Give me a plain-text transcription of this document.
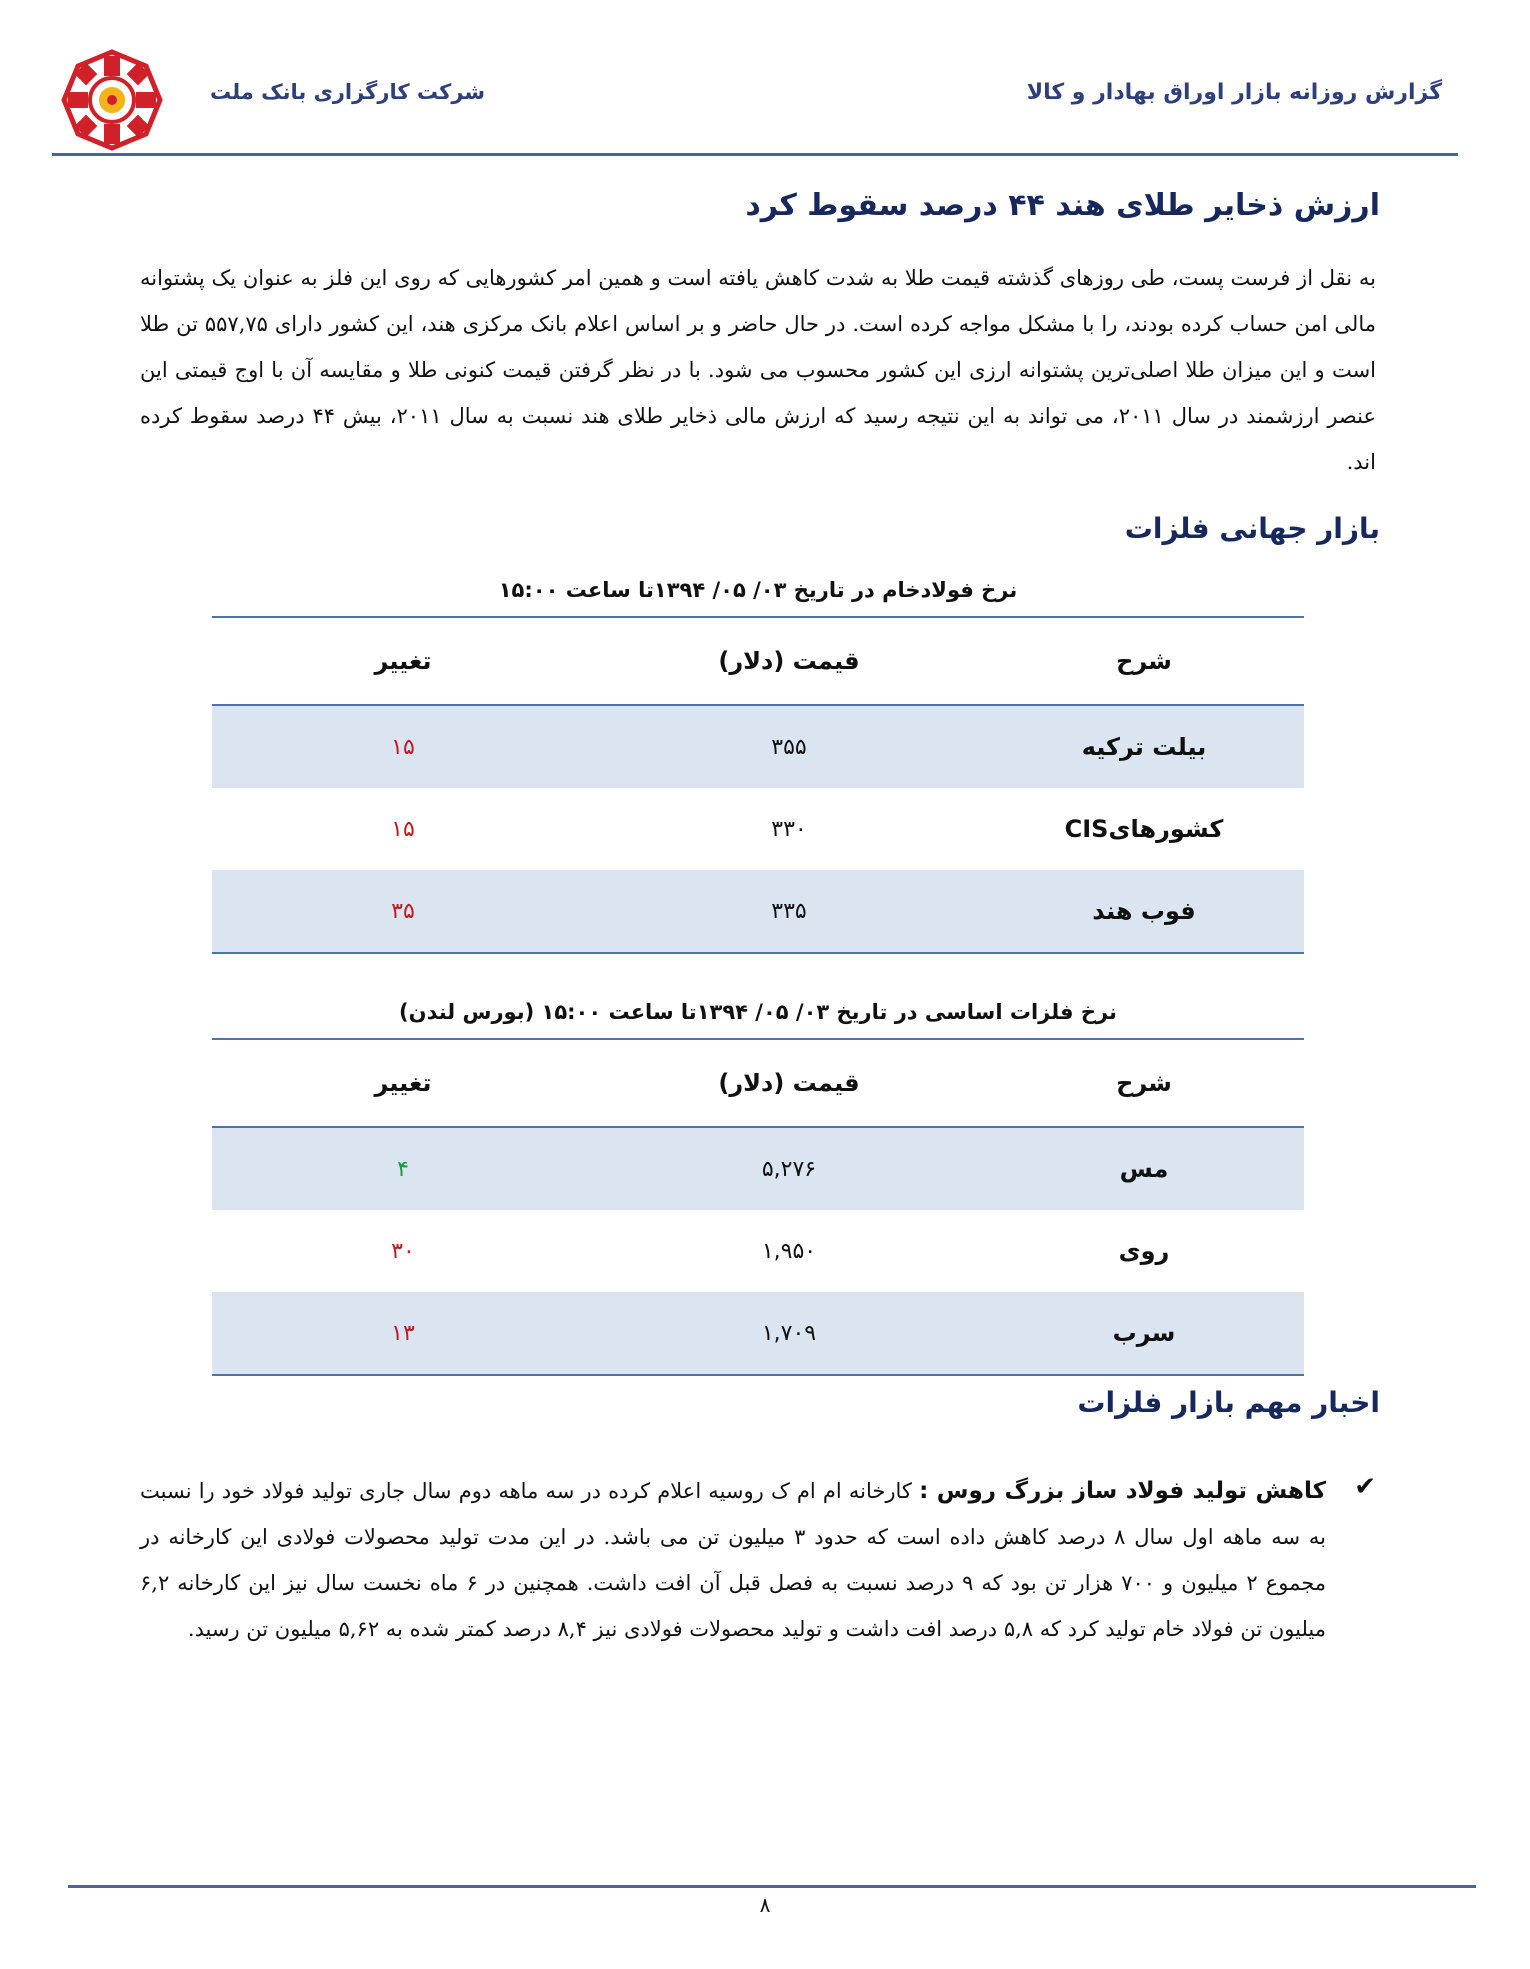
شرکت کارگزاری بانک ملت	گزارش روزانه بازار اوراق بهادار و کالا
ارزش ذخایر طلای هند ۴۴ درصد سقوط کرد
به نقل از فرست پست، طی روزهای گذشته قیمت طلا به شدت کاهش یافته است و همین امر کشورهایی که روی این فلز به عنوان یک پشتوانه مالی امن حساب کرده بودند، را با مشکل مواجه کرده است. در حال حاضر و بر اساس اعلام بانک مرکزی هند، این کشور دارای ۵۵۷,۷۵ تن طلا است و این میزان طلا اصلی‌ترین پشتوانه ارزی این کشور محسوب می شود. با در نظر گرفتن قیمت کنونی طلا و مقایسه آن با اوج قیمتی این عنصر ارزشمند در سال ۲۰۱۱، می تواند به این نتیجه رسید که ارزش مالی ذخایر طلای هند نسبت به سال ۲۰۱۱، بیش ۴۴ درصد سقوط کرده اند.
بازار جهانی فلزات
نرخ فولادخام در تاریخ ۰۳/ ۰۵/ ۱۳۹۴تا ساعت ۱۵:۰۰
شرح
قیمت (دلار)
تغییر
بیلت ترکیه
۳۵۵
۱۵
کشورهایCIS
۳۳۰
۱۵
فوب هند
۳۳۵
۳۵
نرخ فلزات اساسی در تاریخ ۰۳/ ۰۵/ ۱۳۹۴تا ساعت ۱۵:۰۰ (بورس لندن)
شرح
قیمت (دلار)
تغییر
مس
۵,۲۷۶
۴
روی
۱,۹۵۰
۳۰
سرب
۱,۷۰۹
۱۳
اخبار مهم بازار فلزات
✔
کاهش تولید فولاد ساز بزرگ روس : کارخانه ام ام ک روسیه اعلام کرده در سه ماهه دوم سال جاری تولید فولاد خود را نسبت به سه ماهه اول سال ۸ درصد کاهش داده است که حدود ۳ میلیون تن می باشد. در این مدت تولید محصولات فولادی این کارخانه در مجموع ۲ میلیون و ۷۰۰ هزار تن بود که ۹ درصد نسبت به فصل قبل آن افت داشت. همچنین در ۶ ماه نخست سال نیز این کارخانه ۶,۲ میلیون تن فولاد خام تولید کرد که ۵,۸ درصد افت داشت و تولید محصولات فولادی نیز ۸,۴ درصد کمتر شده به ۵,۶۲ میلیون تن رسید.
۸
